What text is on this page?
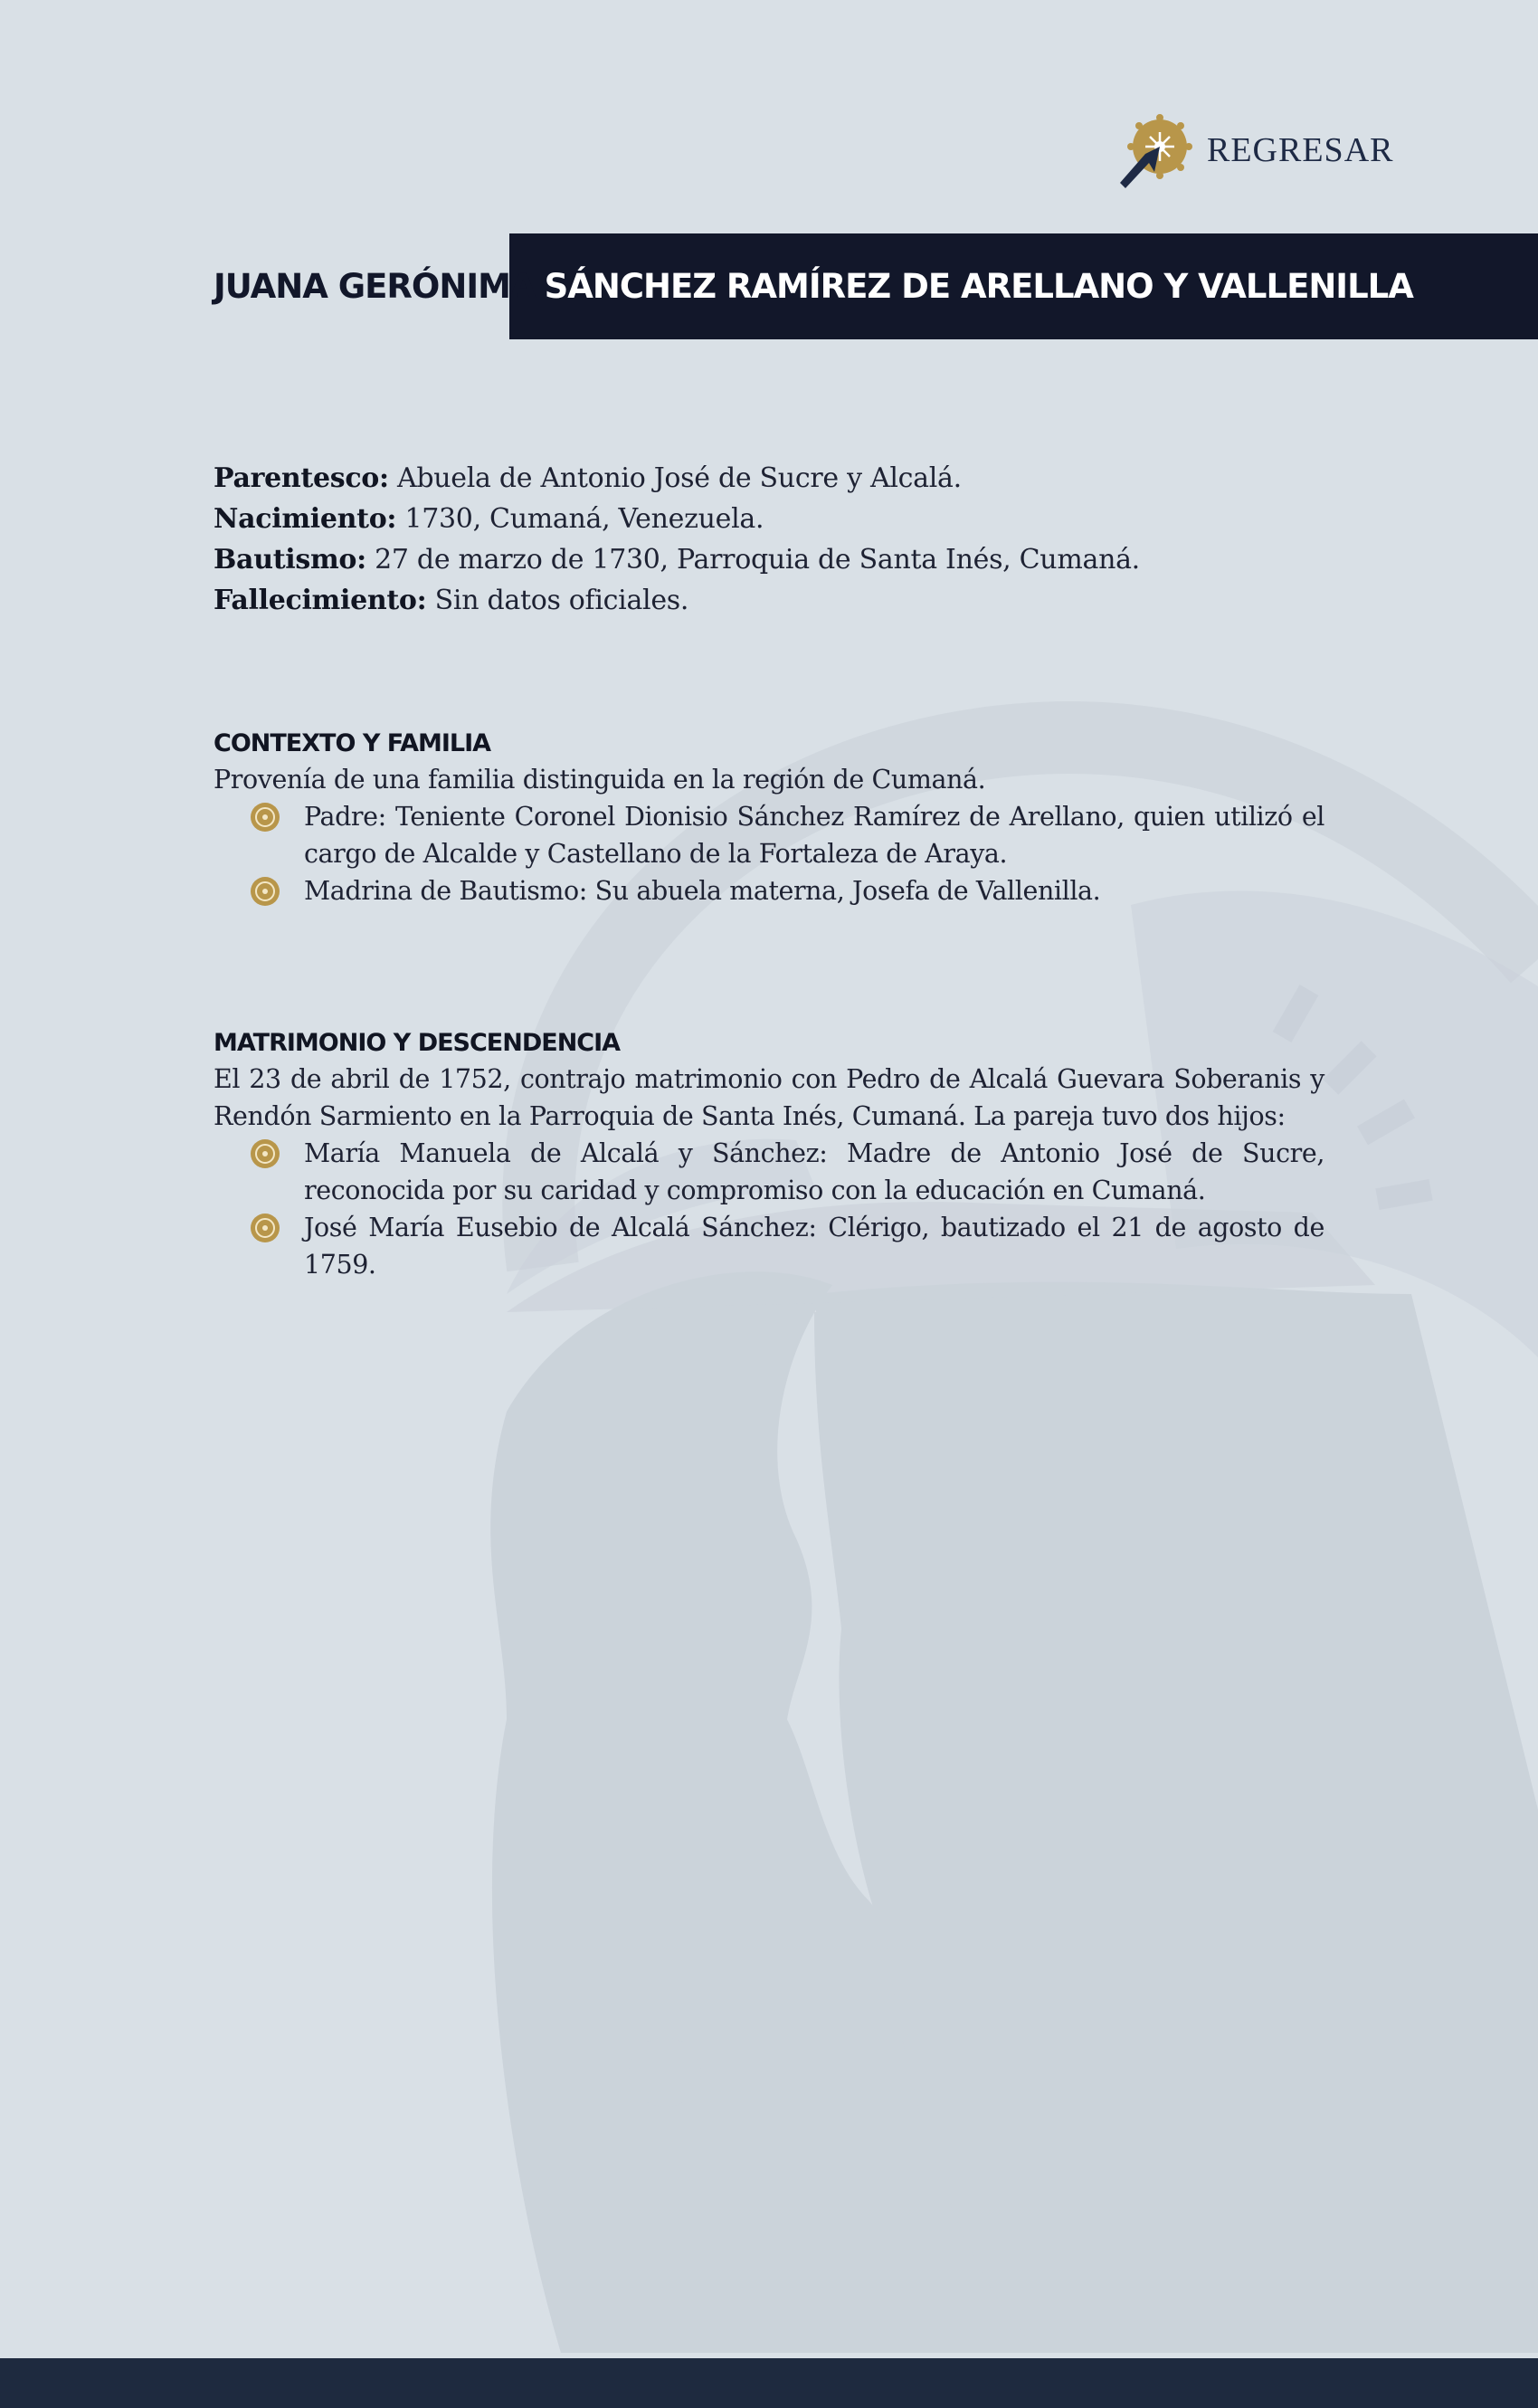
REGRESAR
JUANA GERÓNIMA SÁNCHEZ RAMÍREZ DE ARELLANO Y VALLENILLA

Parentesco: Abuela de Antonio José de Sucre y Alcalá.

Nacimiento: 1730, Cumaná, Venezuela.

Bautismo: 27 de marzo de 1730, Parroquia de Santa Inés, Cumaná.

Fallecimiento: Sin datos oficiales.

CONTEXTO Y FAMILIA

Provenía de una familia distinguida en la región de Cumaná.

Padre: Teniente Coronel Dionisio Sánchez Ramírez de Arellano, quien utilizó el cargo de Alcalde y Castellano de la Fortaleza de Araya.
Madrina de Bautismo: Su abuela materna, Josefa de Vallenilla.
MATRIMONIO Y DESCENDENCIA

El 23 de abril de 1752, contrajo matrimonio con Pedro de Alcalá Guevara Soberanis y Rendón Sarmiento en la Parroquia de Santa Inés, Cumaná. La pareja tuvo dos hijos:

María Manuela de Alcalá y Sánchez: Madre de Antonio José de Sucre, reconocida por su caridad y compromiso con la educación en Cumaná.
José María Eusebio de Alcalá Sánchez: Clérigo, bautizado el 21 de agosto de 1759.
